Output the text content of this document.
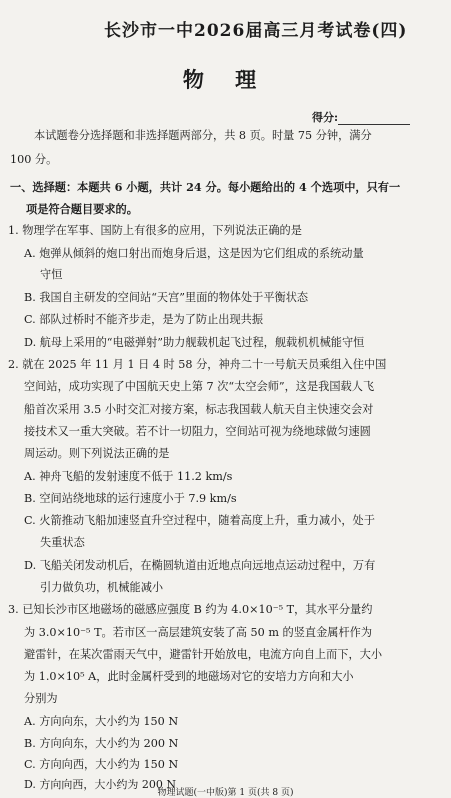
长沙市一中2026届高三月考试卷(四)
物 理
得分:
本试题卷分选择题和非选择题两部分，共 8 页。时量 75 分钟，满分
100 分。
一、选择题：本题共 6 小题，共计 24 分。每小题给出的 4 个选项中，只有一
项是符合题目要求的。
1. 物理学在军事、国防上有很多的应用，下列说法正确的是
A. 炮弹从倾斜的炮口射出而炮身后退，这是因为它们组成的系统动量
守恒
B. 我国自主研发的空间站“天宫”里面的物体处于平衡状态
C. 部队过桥时不能齐步走，是为了防止出现共振
D. 航母上采用的“电磁弹射”助力舰载机起飞过程，舰载机机械能守恒
2. 就在 2025 年 11 月 1 日 4 时 58 分，神舟二十一号航天员乘组入住中国
空间站，成功实现了中国航天史上第 7 次“太空会师”，这是我国载人飞
船首次采用 3.5 小时交汇对接方案，标志我国载人航天自主快速交会对
接技术又一重大突破。若不计一切阻力，空间站可视为绕地球做匀速圆
周运动。则下列说法正确的是
A. 神舟飞船的发射速度不低于 11.2 km/s
B. 空间站绕地球的运行速度小于 7.9 km/s
C. 火箭推动飞船加速竖直升空过程中，随着高度上升，重力减小，处于
失重状态
D. 飞船关闭发动机后，在椭圆轨道由近地点向远地点运动过程中，万有
引力做负功，机械能减小
3. 已知长沙市区地磁场的磁感应强度 B 约为 4.0×10⁻⁵ T，其水平分量约
为 3.0×10⁻⁵ T。若市区一高层建筑安装了高 50 m 的竖直金属杆作为
避雷针，在某次雷雨天气中，避雷针开始放电，电流方向自上而下，大小
为 1.0×10⁵ A，此时金属杆受到的地磁场对它的安培力方向和大小
分别为
A. 方向向东，大小约为 150 N
B. 方向向东，大小约为 200 N
C. 方向向西，大小约为 150 N
D. 方向向西，大小约为 200 N
物理试题(一中版)第 1 页(共 8 页)
